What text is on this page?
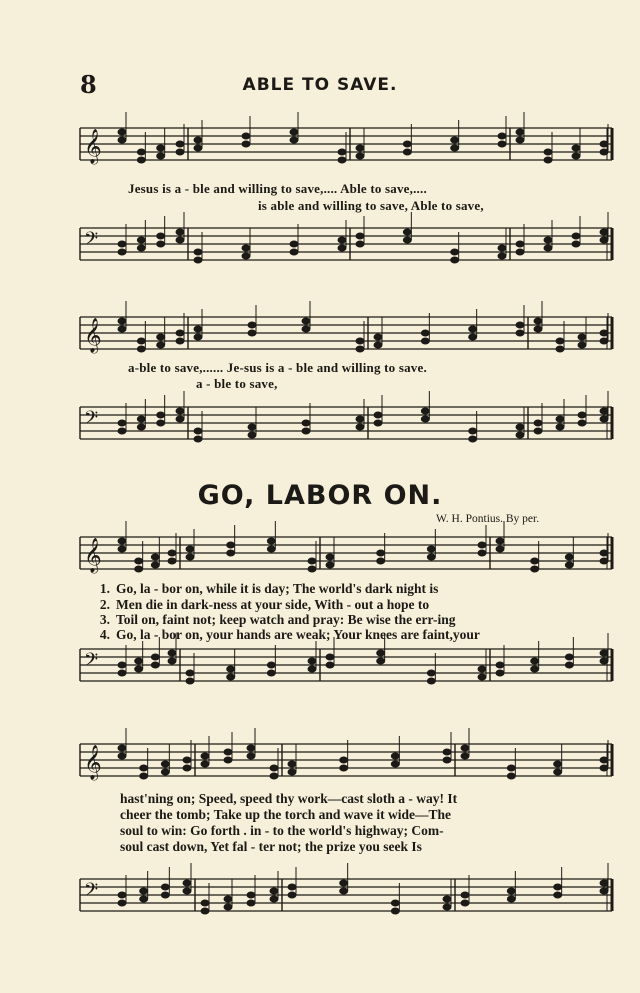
8	ABLE TO SAVE.
𝄞
𝄢
𝄞
𝄢
𝄞
𝄢
𝄞
𝄢
Jesus is a - ble and willing to save,.... Able to save,....
is able and willing to save, Able to save,
a-ble to save,...... Je-sus is a - ble and willing to save.
a - ble to save,
GO, LABOR ON.
W. H. Pontius. By per.
1. Go, la - bor on, while it is day; The world's dark night is
2. Men die in dark-ness at your side, With - out a hope to
3. Toil on, faint not; keep watch and pray: Be wise the err-ing
4. Go, la - bor on, your hands are weak; Your knees are faint,your
hast'ning on; Speed, speed thy work—cast sloth a - way! It
cheer the tomb; Take up the torch and wave it wide—The
soul to win: Go forth . in - to the world's highway; Com-
soul cast down, Yet fal - ter not; the prize you seek Is
